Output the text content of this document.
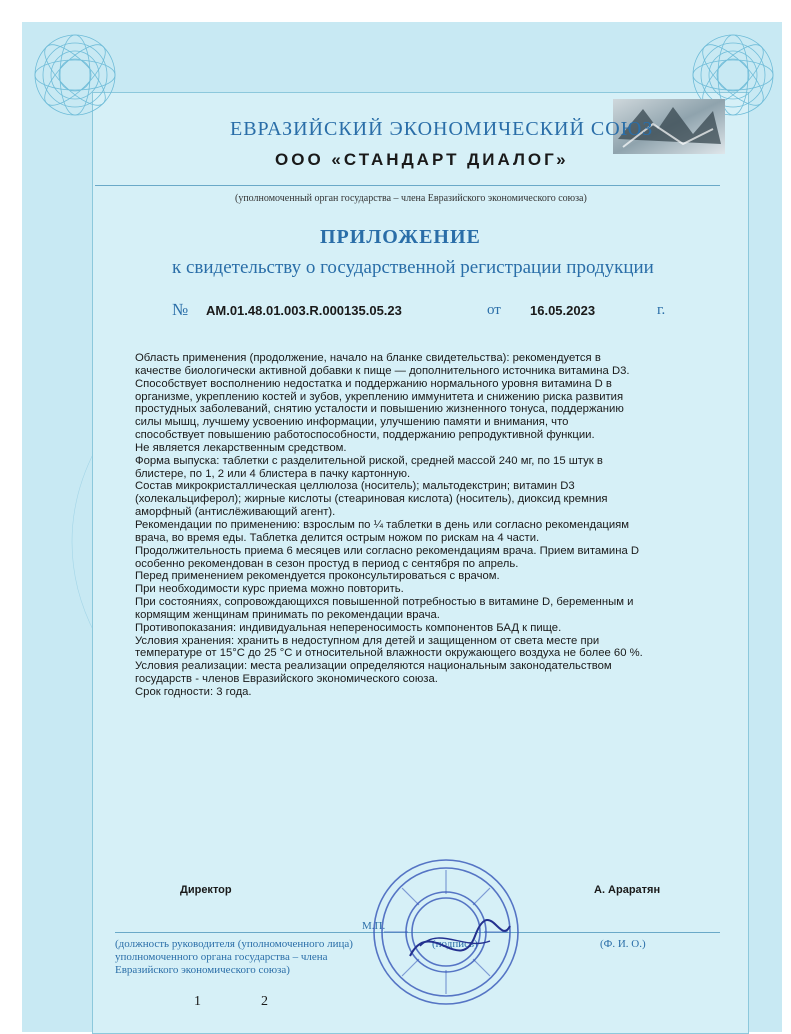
ЕВРАЗИЙСКИЙ ЭКОНОМИЧЕСКИЙ СОЮЗ
ООО «СТАНДАРТ ДИАЛОГ»
(уполномоченный орган государства – члена Евразийского экономического союза)
ПРИЛОЖЕНИЕ
к свидетельству о государственной регистрации продукции
№ AM.01.48.01.003.R.000135.05.23	от 16.05.2023	г.
Область применения (продолжение, начало на бланке свидетельства): рекомендуется в
качестве биологически активной добавки к пище — дополнительного источника витамина D3.
Способствует восполнению недостатка и поддержанию нормального уровня витамина D в
организме, укреплению костей и зубов, укреплению иммунитета и снижению риска развития
простудных заболеваний, снятию усталости и повышению жизненного тонуса, поддержанию
силы мышц, лучшему усвоению информации, улучшению памяти и внимания, что
способствует повышению работоспособности, поддержанию репродуктивной функции.
Не является лекарственным средством.
Форма выпуска: таблетки с разделительной риской, средней массой 240 мг, по 15 штук в
блистере, по 1, 2 или 4 блистера в пачку картонную.
Состав микрокристаллическая целлюлоза (носитель); мальтодекстрин; витамин D3
(холекальциферол); жирные кислоты (стеариновая кислота) (носитель), диоксид кремния
аморфный (антислёживающий агент).
Рекомендации по применению: взрослым по ¼ таблетки в день или согласно рекомендациям
врача, во время еды. Таблетка делится острым ножом по рискам на 4 части.
Продолжительность приема 6 месяцев или согласно рекомендациям врача. Прием витамина D
особенно рекомендован в сезон простуд в период с сентября по апрель.
Перед применением рекомендуется проконсультироваться с врачом.
При необходимости курс приема можно повторить.
При состояниях, сопровождающихся повышенной потребностью в витамине D, беременным и
кормящим женщинам принимать по рекомендации врача.
Противопоказания: индивидуальная непереносимость компонентов БАД к пище.
Условия хранения: хранить в недоступном для детей и защищенном от света месте при
температуре от 15°С до 25 °С и относительной влажности окружающего воздуха не более 60 %.
Условия реализации: места реализации определяются национальным законодательством
государств - членов Евразийского экономического союза.
Срок годности: 3 года.
Директор	А. Араратян
М.П.
(должность руководителя (уполномоченного лица) уполномоченного органа государства – члена Евразийского экономического союза)
(подпись)	(Ф. И. О.)
1	2
